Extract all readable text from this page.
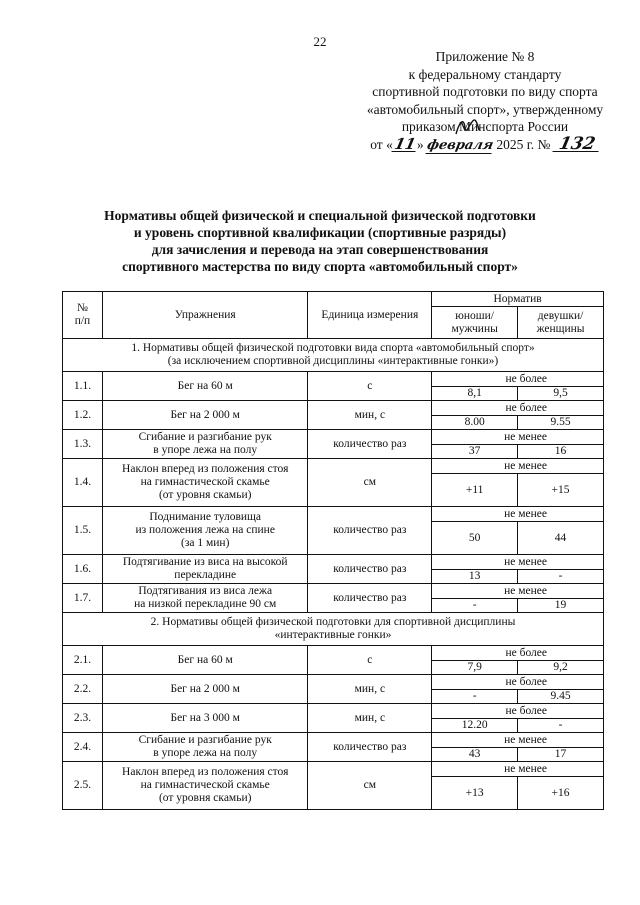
22
Приложение № 8
к федеральному стандарту
спортивной подготовки по виду спорта
«автомобильный спорт», утвержденному
приказом Минспорта России
от «11» февраля 2025 г. № 132
Нормативы общей физической и специальной физической подготовки
и уровень спортивной квалификации (спортивные разряды)
для зачисления и перевода на этап совершенствования
спортивного мастерства по виду спорта «автомобильный спорт»
№
п/п	Упражнения	Единица измерения	Норматив	
			юноши/
мужчины	девушки/
женщины
1. Нормативы общей физической подготовки вида спорта «автомобильный спорт»
(за исключением спортивной дисциплины «интерактивные гонки»)				
1.1.	Бег на 60 м	с	не более	
			8,1	9,5
1.2.	Бег на 2 000 м	мин, с	не более	
			8.00	9.55
1.3.	Сгибание и разгибание рук
в упоре лежа на полу	количество раз	не менее	
			37	16
1.4.	Наклон вперед из положения стоя
на гимнастической скамье
(от уровня скамьи)	см	не менее	
			+11	+15
1.5.	Поднимание туловища
из положения лежа на спине
(за 1 мин)	количество раз	не менее	
			50	44
1.6.	Подтягивание из виса на высокой
перекладине	количество раз	не менее	
			13	-
1.7.	Подтягивания из виса лежа
на низкой перекладине 90 см	количество раз	не менее	
			-	19
2. Нормативы общей физической подготовки для спортивной дисциплины
«интерактивные гонки»				
2.1.	Бег на 60 м	с	не более	
			7,9	9,2
2.2.	Бег на 2 000 м	мин, с	не более	
			-	9.45
2.3.	Бег на 3 000 м	мин, с	не более	
			12.20	-
2.4.	Сгибание и разгибание рук
в упоре лежа на полу	количество раз	не менее	
			43	17
2.5.	Наклон вперед из положения стоя
на гимнастической скамье
(от уровня скамьи)	см	не менее	
			+13	+16
